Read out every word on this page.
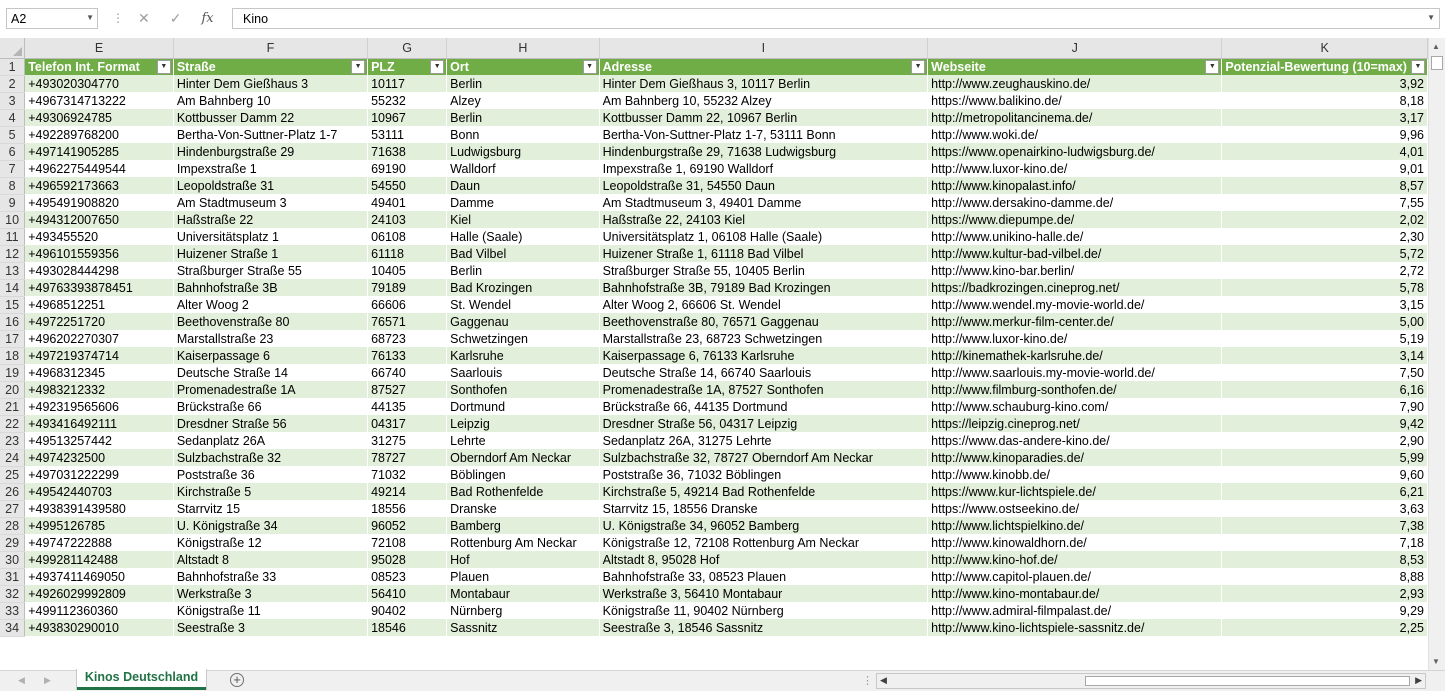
A2	▼ ⋮ ✕ ✓ fx Kino	▼
	E	F	G	H	I	J	K
1	Telefon Int. Format ▼	Straße ▼	PLZ ▼	Ort ▼	Adresse ▼	Webseite ▼	Potenzial-Bewertung (10=max) ▼

2	+493020304770	Hinter Dem Gießhaus 3	10117	Berlin	Hinter Dem Gießhaus 3, 10117 Berlin	http://www.zeughauskino.de/	3,92
3	+4967314713222	Am Bahnberg 10	55232	Alzey	Am Bahnberg 10, 55232 Alzey	https://www.balikino.de/	8,18
4	+49306924785	Kottbusser Damm 22	10967	Berlin	Kottbusser Damm 22, 10967 Berlin	http://metropolitancinema.de/	3,17
5	+492289768200	Bertha-Von-Suttner-Platz 1-7	53111	Bonn	Bertha-Von-Suttner-Platz 1-7, 53111 Bonn	http://www.woki.de/	9,96
6	+497141905285	Hindenburgstraße 29	71638	Ludwigsburg	Hindenburgstraße 29, 71638 Ludwigsburg	https://www.openairkino-ludwigsburg.de/	4,01
7	+4962275449544	Impexstraße 1	69190	Walldorf	Impexstraße 1, 69190 Walldorf	http://www.luxor-kino.de/	9,01
8	+496592173663	Leopoldstraße 31	54550	Daun	Leopoldstraße 31, 54550 Daun	http://www.kinopalast.info/	8,57
9	+495491908820	Am Stadtmuseum 3	49401	Damme	Am Stadtmuseum 3, 49401 Damme	http://www.dersakino-damme.de/	7,55
10	+494312007650	Haßstraße 22	24103	Kiel	Haßstraße 22, 24103 Kiel	https://www.diepumpe.de/	2,02
11	+493455520	Universitätsplatz 1	06108	Halle (Saale)	Universitätsplatz 1, 06108 Halle (Saale)	http://www.unikino-halle.de/	2,30
12	+496101559356	Huizener Straße 1	61118	Bad Vilbel	Huizener Straße 1, 61118 Bad Vilbel	http://www.kultur-bad-vilbel.de/	5,72
13	+493028444298	Straßburger Straße 55	10405	Berlin	Straßburger Straße 55, 10405 Berlin	http://www.kino-bar.berlin/	2,72
14	+49763393878451	Bahnhofstraße 3B	79189	Bad Krozingen	Bahnhofstraße 3B, 79189 Bad Krozingen	https://badkrozingen.cineprog.net/	5,78
15	+4968512251	Alter Woog 2	66606	St. Wendel	Alter Woog 2, 66606 St. Wendel	http://www.wendel.my-movie-world.de/	3,15
16	+4972251720	Beethovenstraße 80	76571	Gaggenau	Beethovenstraße 80, 76571 Gaggenau	http://www.merkur-film-center.de/	5,00
17	+496202270307	Marstallstraße 23	68723	Schwetzingen	Marstallstraße 23, 68723 Schwetzingen	http://www.luxor-kino.de/	5,19
18	+497219374714	Kaiserpassage 6	76133	Karlsruhe	Kaiserpassage 6, 76133 Karlsruhe	http://kinemathek-karlsruhe.de/	3,14
19	+4968312345	Deutsche Straße 14	66740	Saarlouis	Deutsche Straße 14, 66740 Saarlouis	http://www.saarlouis.my-movie-world.de/	7,50
20	+4983212332	Promenadestraße 1A	87527	Sonthofen	Promenadestraße 1A, 87527 Sonthofen	http://www.filmburg-sonthofen.de/	6,16
21	+492319565606	Brückstraße 66	44135	Dortmund	Brückstraße 66, 44135 Dortmund	http://www.schauburg-kino.com/	7,90
22	+493416492111	Dresdner Straße 56	04317	Leipzig	Dresdner Straße 56, 04317 Leipzig	https://leipzig.cineprog.net/	9,42
23	+49513257442	Sedanplatz 26A	31275	Lehrte	Sedanplatz 26A, 31275 Lehrte	https://www.das-andere-kino.de/	2,90
24	+4974232500	Sulzbachstraße 32	78727	Oberndorf Am Neckar	Sulzbachstraße 32, 78727 Oberndorf Am Neckar	http://www.kinoparadies.de/	5,99
25	+497031222299	Poststraße 36	71032	Böblingen	Poststraße 36, 71032 Böblingen	http://www.kinobb.de/	9,60
26	+49542440703	Kirchstraße 5	49214	Bad Rothenfelde	Kirchstraße 5, 49214 Bad Rothenfelde	https://www.kur-lichtspiele.de/	6,21
27	+4938391439580	Starrvitz 15	18556	Dranske	Starrvitz 15, 18556 Dranske	https://www.ostseekino.de/	3,63
28	+4995126785	U. Königstraße 34	96052	Bamberg	U. Königstraße 34, 96052 Bamberg	http://www.lichtspielkino.de/	7,38
29	+49747222888	Königstraße 12	72108	Rottenburg Am Neckar	Königstraße 12, 72108 Rottenburg Am Neckar	http://www.kinowaldhorn.de/	7,18
30	+499281142488	Altstadt 8	95028	Hof	Altstadt 8, 95028 Hof	http://www.kino-hof.de/	8,53
31	+4937411469050	Bahnhofstraße 33	08523	Plauen	Bahnhofstraße 33, 08523 Plauen	http://www.capitol-plauen.de/	8,88
32	+4926029992809	Werkstraße 3	56410	Montabaur	Werkstraße 3, 56410 Montabaur	http://www.kino-montabaur.de/	2,93
33	+499112360360	Königstraße 11	90402	Nürnberg	Königstraße 11, 90402 Nürnberg	http://www.admiral-filmpalast.de/	9,29
34	+493830290010	Seestraße 3	18546	Sassnitz	Seestraße 3, 18546 Sassnitz	http://www.kino-lichtspiele-sassnitz.de/	2,25
▲
▼
◀ ▶	Kinos Deutschland	+	⋮ ◀	▶
